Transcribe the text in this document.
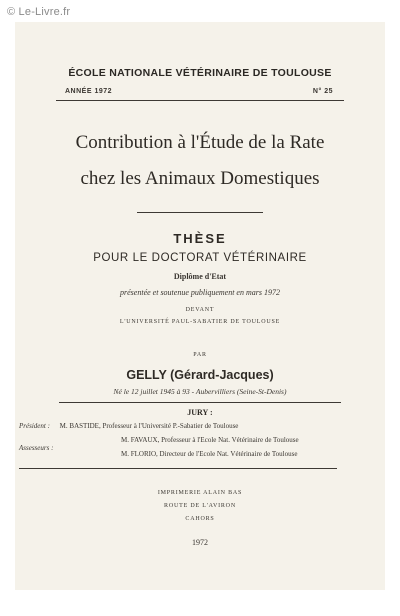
© Le-Livre.fr
ÉCOLE NATIONALE VÉTÉRINAIRE DE TOULOUSE
ANNÉE 1972	N° 25
Contribution à l'Étude de la Rate
chez les Animaux Domestiques
THÈSE
POUR LE DOCTORAT VÉTÉRINAIRE
Diplôme d'Etat
présentée et soutenue publiquement en mars 1972
DEVANT
L'UNIVERSITÉ PAUL-SABATIER DE TOULOUSE
PAR
GELLY (Gérard-Jacques)
Né le 12 juillet 1945 à 93 - Aubervilliers (Seine-St-Denis)
JURY :
Président : M. BASTIDE, Professeur à l'Université P.-Sabatier de Toulouse
Assesseurs :
M. FAVAUX, Professeur à l'Ecole Nat. Vétérinaire de Toulouse
M. FLORIO, Directeur de l'Ecole Nat. Vétérinaire de Toulouse
IMPRIMERIE ALAIN BAS
ROUTE DE L'AVIRON
CAHORS
1972
